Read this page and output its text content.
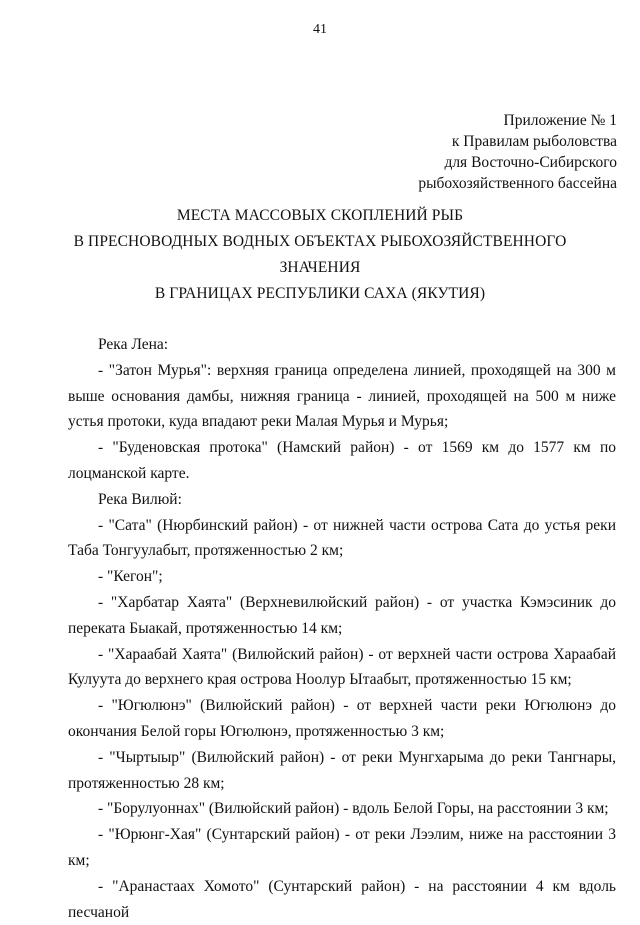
41
Приложение № 1
к Правилам рыболовства
для Восточно-Сибирского
рыбохозяйственного бассейна
МЕСТА МАССОВЫХ СКОПЛЕНИЙ РЫБ
В ПРЕСНОВОДНЫХ ВОДНЫХ ОБЪЕКТАХ РЫБОХОЗЯЙСТВЕННОГО
ЗНАЧЕНИЯ
В ГРАНИЦАХ РЕСПУБЛИКИ САХА (ЯКУТИЯ)
Река Лена:
- "Затон Мурья": верхняя граница определена линией, проходящей на 300 м выше основания дамбы, нижняя граница - линией, проходящей на 500 м ниже устья протоки, куда впадают реки Малая Мурья и Мурья;
- "Буденовская протока" (Намский район) - от 1569 км до 1577 км по лоцманской карте.
Река Вилюй:
- "Сата" (Нюрбинский район) - от нижней части острова Сата до устья реки Таба Тонгуулабыт, протяженностью 2 км;
- "Кегон";
- "Харбатар Хаята" (Верхневилюйский район) - от участка Кэмэсиник до переката Быакай, протяженностью 14 км;
- "Хараабай Хаята" (Вилюйский район) - от верхней части острова Хараабай Кулуута до верхнего края острова Ноолур Ытаабыт, протяженностью 15 км;
- "Югюлюнэ" (Вилюйский район) - от верхней части реки Югюлюнэ до окончания Белой горы Югюлюнэ, протяженностью 3 км;
- "Чыртыыр" (Вилюйский район) - от реки Мунгхарыма до реки Тангнары, протяженностью 28 км;
- "Борулуоннах" (Вилюйский район) - вдоль Белой Горы, на расстоянии 3 км;
- "Юрюнг-Хая" (Сунтарский район) - от реки Лээлим, ниже на расстоянии 3 км;
- "Аранастаах Хомото" (Сунтарский район) - на расстоянии 4 км вдоль песчаной
